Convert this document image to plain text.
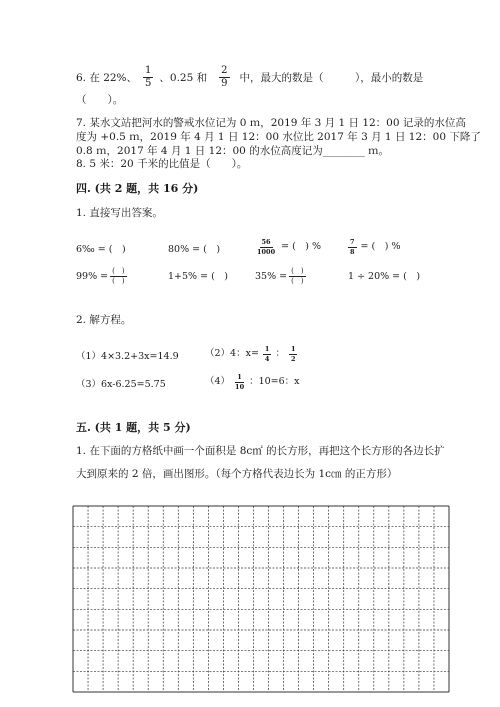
6. 在 22%、 $\frac{1}{5}$ 、0.25 和 $\frac{2}{9}$ 中，最大的数是（　　　），最小的数是
（　　）。
7. 某水文站把河水的警戒水位记为 0 ｍ，2019 年 3 月 1 日 12：00 记录的水位高
度为 +0.5 ｍ，2019 年 4 月 1 日 12：00 水位比 2017 年 3 月 1 日 12：00 下降了
0.8 ｍ，2017 年 4 月 1 日 12：00 的水位高度记为________ ｍ。
8. 5 米：20 千米的比值是（　　）。
四. (共 2 题，共 16 分)
1. 直接写出答案。
6‰ = (　)	80% = (　)	$\frac{56}{1000}$ = (　) %	$\frac{7}{8}$ = (　) %
$99\% = \frac{( )}{( )}$	1+5% = (　)	$35\% = \frac{( )}{( )}$	1 ÷ 20% = (　)
2. 解方程。
（1）4×3.2+3x=14.9	（2）4：$x= \frac{1}{4}$ ： $\frac{1}{2}$
（3）6x-6.25=5.75	$(4) \frac{1}{10}$ ：10=6：x
五. (共 1 题，共 5 分)
1. 在下面的方格纸中画一个面积是 8c㎡ 的长方形，再把这个长方形的各边长扩
大到原来的 2 倍，画出图形。（每个方格代表边长为 1c㎝ 的正方形）
